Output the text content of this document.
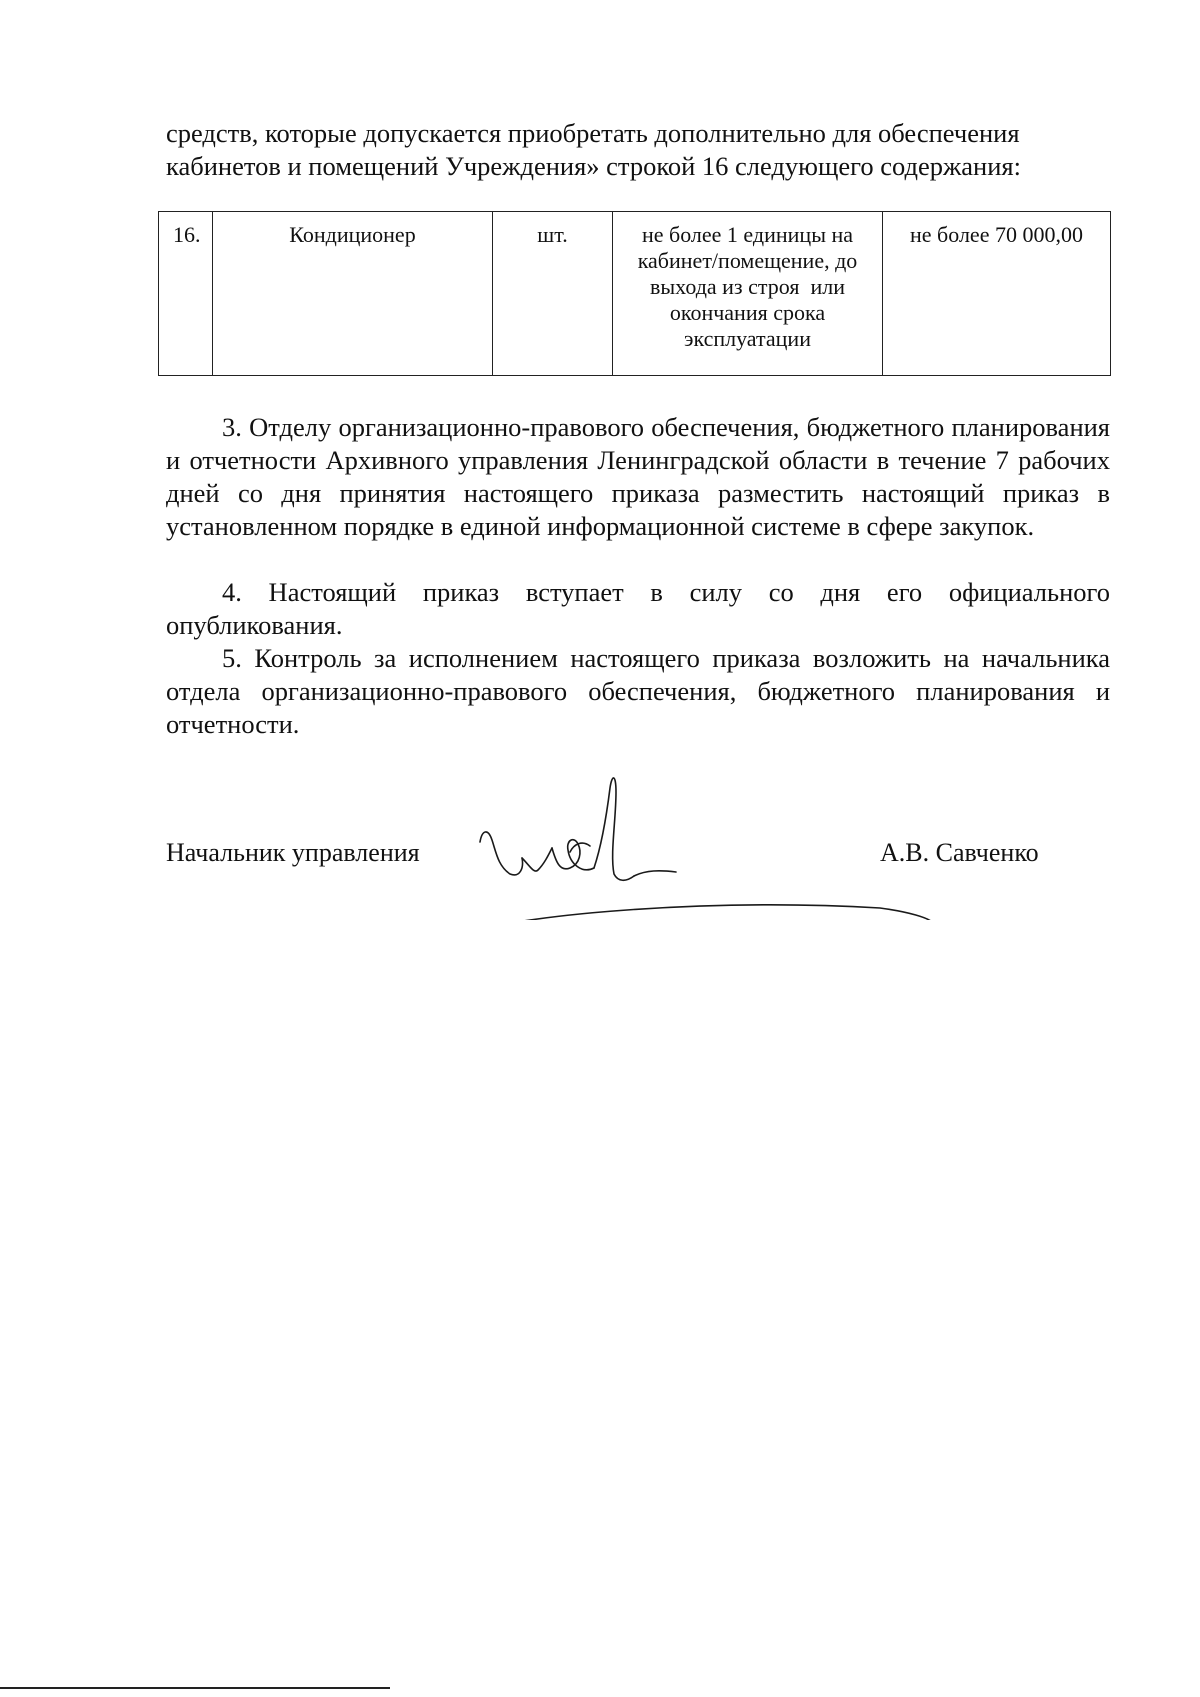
средств, которые допускается приобретать дополнительно для обеспечения
кабинетов и помещений Учреждения» строкой 16 следующего содержания:

16.	Кондиционер	шт.	не более 1 единицы на
кабинет/помещение, до
выхода из строя  или
окончания срока
эксплуатации	не более 70 000,00

3. Отделу организационно-правового обеспечения, бюджетного планирования и отчетности Архивного управления Ленинградской области в течение 7 рабочих дней со дня принятия настоящего приказа разместить настоящий приказ в установленном порядке в единой информационной системе в сфере закупок.

4. Настоящий приказ вступает в силу со дня его официального опубликования.

5. Контроль за исполнением настоящего приказа возложить на начальника отдела организационно-правового обеспечения, бюджетного планирования и отчетности.

Начальник управления	А.В. Савченко
